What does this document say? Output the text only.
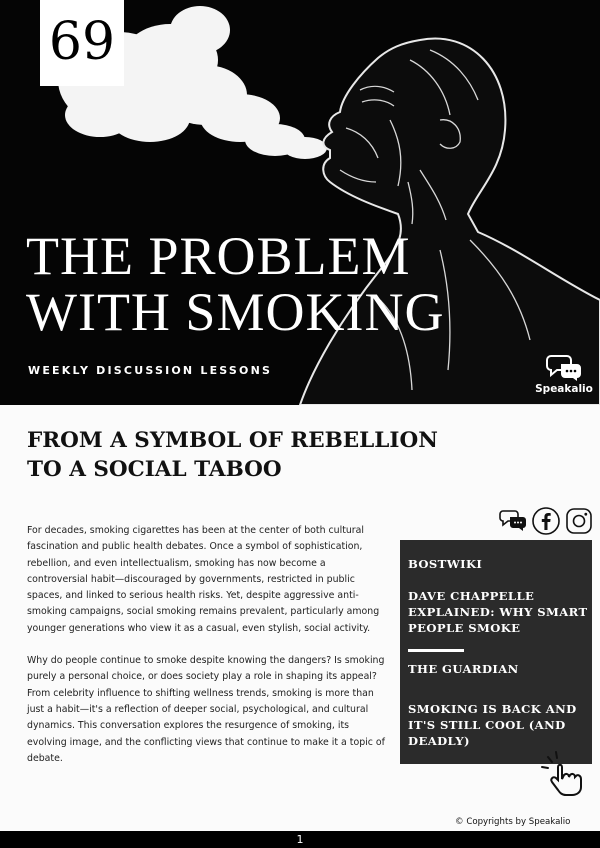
69
THE PROBLEM
WITH SMOKING
WEEKLY DISCUSSION LESSONS
Speakalio
FROM A SYMBOL OF REBELLION
TO A SOCIAL TABOO

For decades, smoking cigarettes has been at the center of both cultural fascination and public health debates. Once a symbol of sophistication, rebellion, and even intellectualism, smoking has now become a controversial habit—discouraged by governments, restricted in public spaces, and linked to serious health risks. Yet, despite aggressive anti-smoking campaigns, social smoking remains prevalent, particularly among younger generations who view it as a casual, even stylish, social activity.

Why do people continue to smoke despite knowing the dangers? Is smoking purely a personal choice, or does society play a role in shaping its appeal? From celebrity influence to shifting wellness trends, smoking is more than just a habit—it's a reflection of deeper social, psychological, and cultural dynamics. This conversation explores the resurgence of smoking, its evolving image, and the conflicting views that continue to make it a topic of debate.

BOSTWIKI
DAVE CHAPPELLE EXPLAINED: WHY SMART PEOPLE SMOKE
THE GUARDIAN
SMOKING IS BACK AND IT'S STILL COOL (AND DEADLY)
© Copyrights by Speakalio
1
